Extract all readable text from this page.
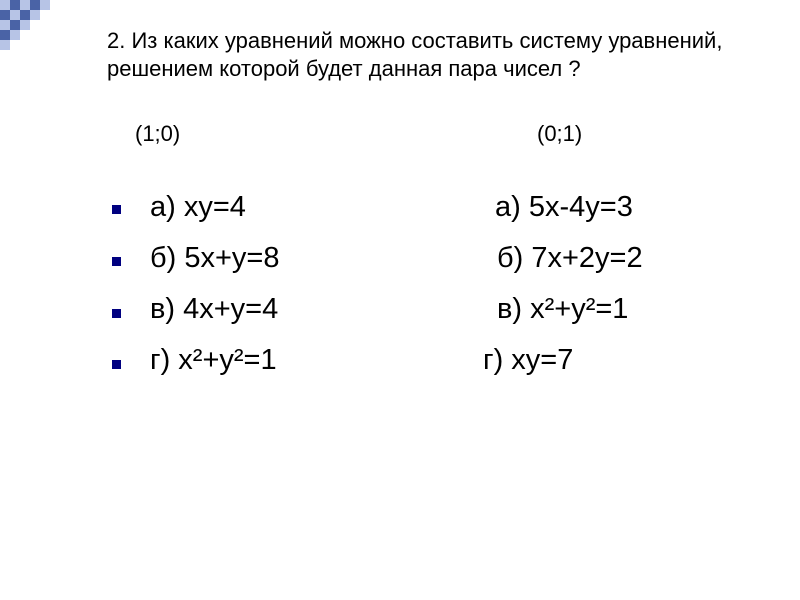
2. Из каких уравнений можно составить систему уравнений, решением которой будет данная пара чисел ?
(1;0)	(0;1)
а) xy=4
б) 5x+y=8
в) 4x+y=4
г) x²+y²=1
а) 5x-4y=3
б) 7x+2y=2
в) x²+y²=1
г) xy=7
